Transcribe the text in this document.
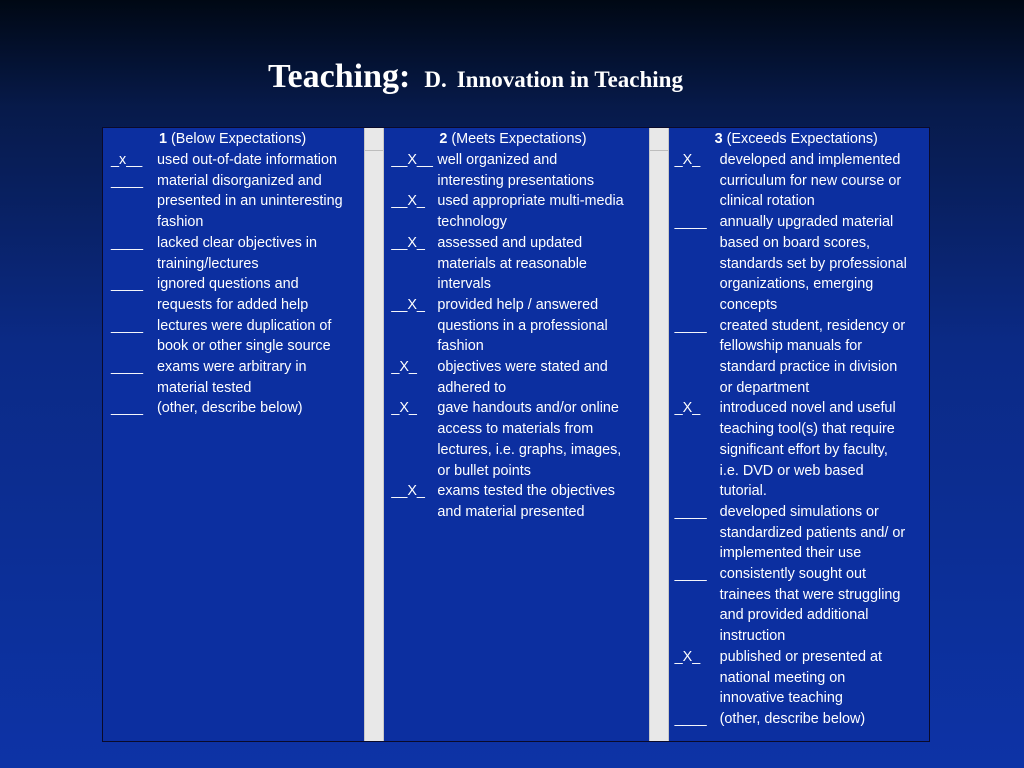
Teaching: D. Innovation in Teaching
1 (Below Expectations)
_x__ used out-of-date information
____ material disorganized and
presented in an uninteresting
fashion
____ lacked clear objectives in
training/lectures
____ ignored questions and
requests for added help
____ lectures were duplication of
book or other single source
____ exams were arbitrary in
material tested
____ (other, describe below)
2 (Meets Expectations)
__X__ well organized and
interesting presentations
__X_ used appropriate multi-media
technology
__X_ assessed and updated
materials at reasonable
intervals
__X_ provided help / answered
questions in a professional
fashion
_X_ objectives were stated and
adhered to
_X_ gave handouts and/or online
access to materials from
lectures, i.e. graphs, images,
or bullet points
__X_ exams tested the objectives
and material presented
3 (Exceeds Expectations)
_X_ developed and implemented
curriculum for new course or
clinical rotation
____ annually upgraded material
based on board scores,
standards set by professional
organizations, emerging
concepts
____ created student, residency or
fellowship manuals for
standard practice in division
or department
_X_ introduced novel and useful
teaching tool(s) that require
significant effort by faculty,
i.e. DVD or web based
tutorial.
____ developed simulations or
standardized patients and/ or
implemented their use
____ consistently sought out
trainees that were struggling
and provided additional
instruction
_X_ published or presented at
national meeting on
innovative teaching
____ (other, describe below)
